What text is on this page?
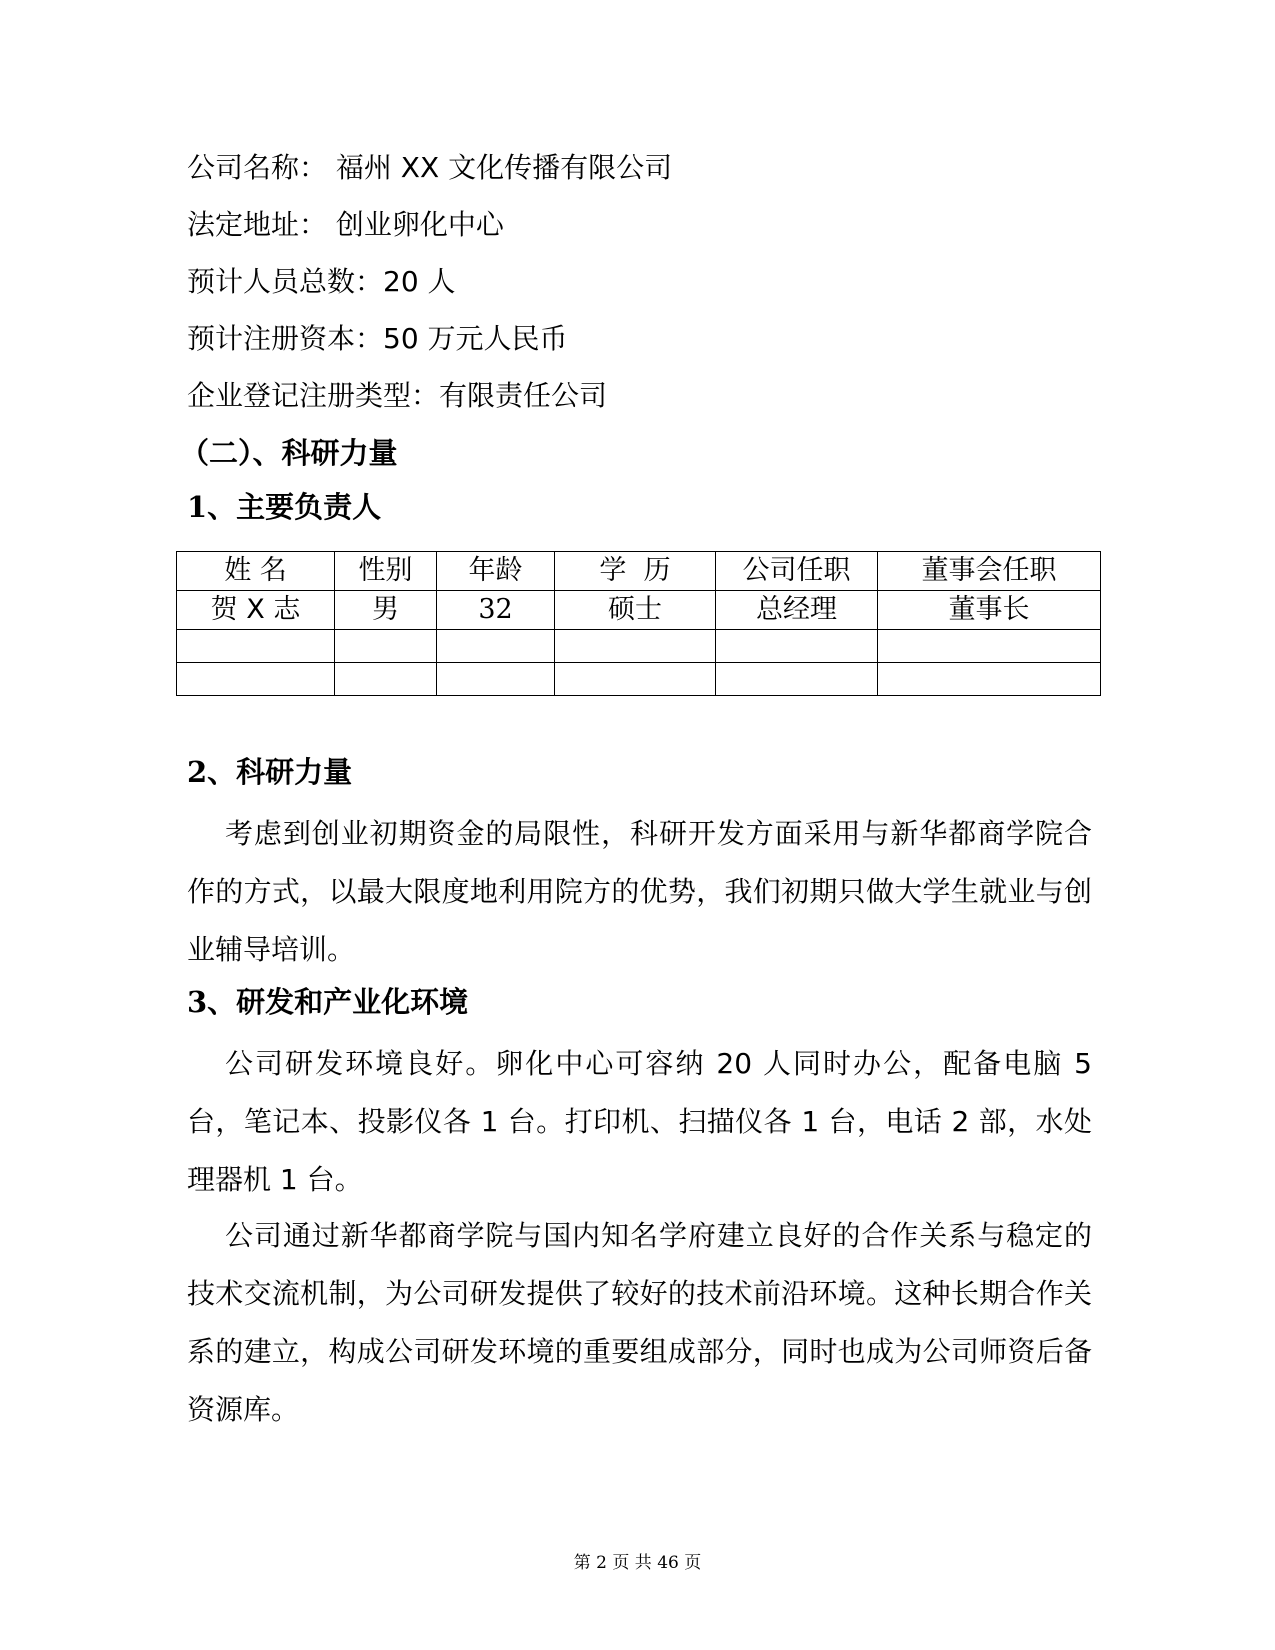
公司名称： 福州 XX 文化传播有限公司
法定地址： 创业卵化中心
预计人员总数：20 人
预计注册资本：50 万元人民币
企业登记注册类型：有限责任公司
（二）、科研力量
1、主要负责人
姓 名	性别	年龄	学  历	公司任职	董事会任职
贺 X 志	男	32	硕士	总经理	董事长

2、科研力量
考虑到创业初期资金的局限性，科研开发方面采用与新华都商学院合作的方式，以最大限度地利用院方的优势，我们初期只做大学生就业与创业辅导培训。
3、研发和产业化环境
公司研发环境良好。卵化中心可容纳 20 人同时办公，配备电脑 5 台，笔记本、投影仪各 1 台。打印机、扫描仪各 1 台，电话 2 部，水处理器机 1 台。
公司通过新华都商学院与国内知名学府建立良好的合作关系与稳定的技术交流机制，为公司研发提供了较好的技术前沿环境。这种长期合作关系的建立，构成公司研发环境的重要组成部分，同时也成为公司师资后备资源库。
第 2 页 共 46 页
